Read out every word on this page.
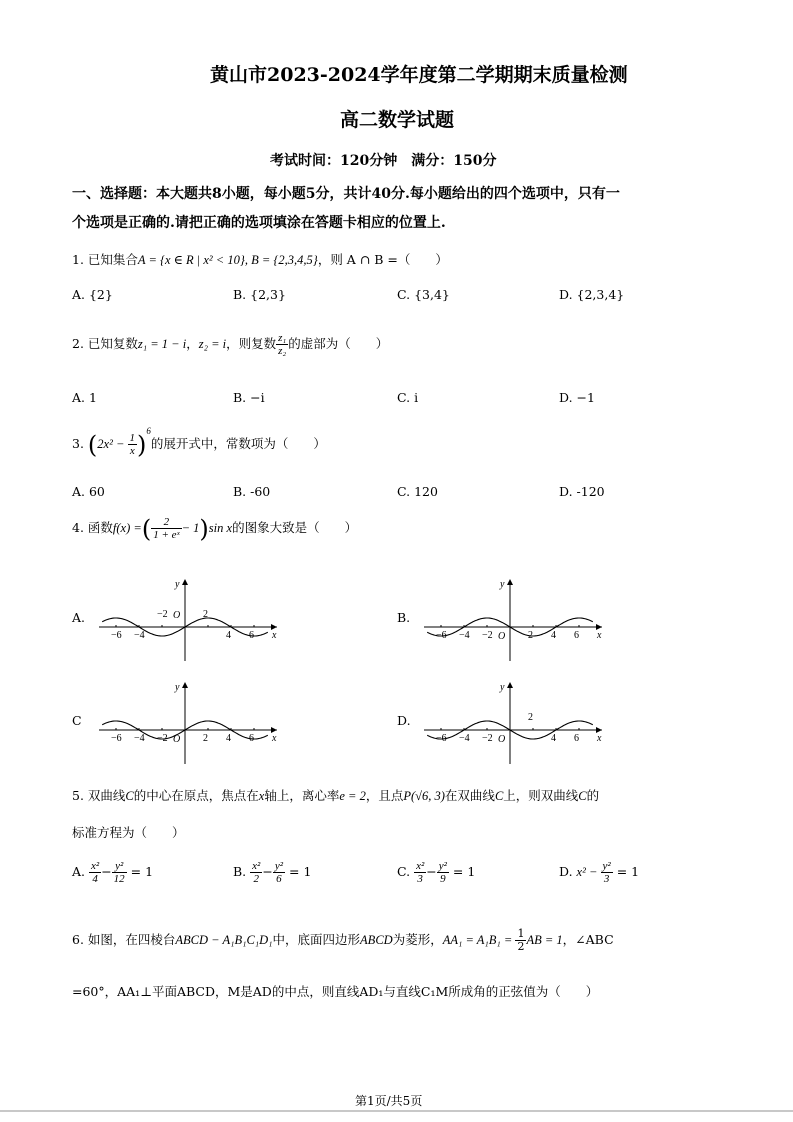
黄山市2023-2024学年度第二学期期末质量检测
高二数学试题
考试时间：120分钟　满分：150分
一、选择题：本大题共8小题，每小题5分，共计40分.每小题给出的四个选项中，只有一
个选项是正确的.请把正确的选项填涂在答题卡相应的位置上.
1. 已知集合A = {x ∈ R | x² < 10}, B = {2,3,4,5}，则 A ∩ B =（　　）
A. {2}	B. {2,3}	C. {3,4}	D. {2,3,4}
2. 已知复数z₁ = 1 − i，z₂ = i，则复数 $\frac{\text{z₁}}{\text{z₂}}$ 的虚部为（　　）
A. 1	B. −i	C. i	D. −1
3. $(2x^2 - \frac{1}{x} )^6$的展开式中，常数项为（　　）
A. 60	B. -60	C. 120	D. -120
4. 函数f(x) =( $\frac{2}{\text{1 + eˣ}} - 1)\sin$ x的图象大致是（　　）
A.	B.
C	D.
y
x
O
−6 −4
−2	2
4 6
y
x
O
−6 −4 −2	2 4 6
y
x
O
−6 −4 −2	2 4 6
y
x
O
−6 −4 −2
2
4 6
5. 双曲线C的中心在原点，焦点在x轴上，离心率e = 2，且点P(√6, 3)在双曲线C上，则双曲线C的
标准方程为（　　）
A. $\frac{\text{x²}}{4} - \frac{\text{y²}}{12} = 1$	B. $\frac{\text{x²}}{2} - \frac{\text{y²}}{6} = 1$	C. $\frac{\text{x²}}{3} - \frac{\text{y²}}{9} = 1$	D. $x^2 - \frac{\text{y²}}{3} = 1$
6. 如图，在四棱台ABCD − A₁B₁C₁D₁中，底面四边形ABCD为菱形，$AA_1 = A_1B_1 = \frac{1}{2}$ AB = 1，∠ABC
=60°，AA₁⊥平面ABCD，M是AD的中点，则直线AD₁与直线C₁M所成角的正弦值为（　　）
第1页/共5页
